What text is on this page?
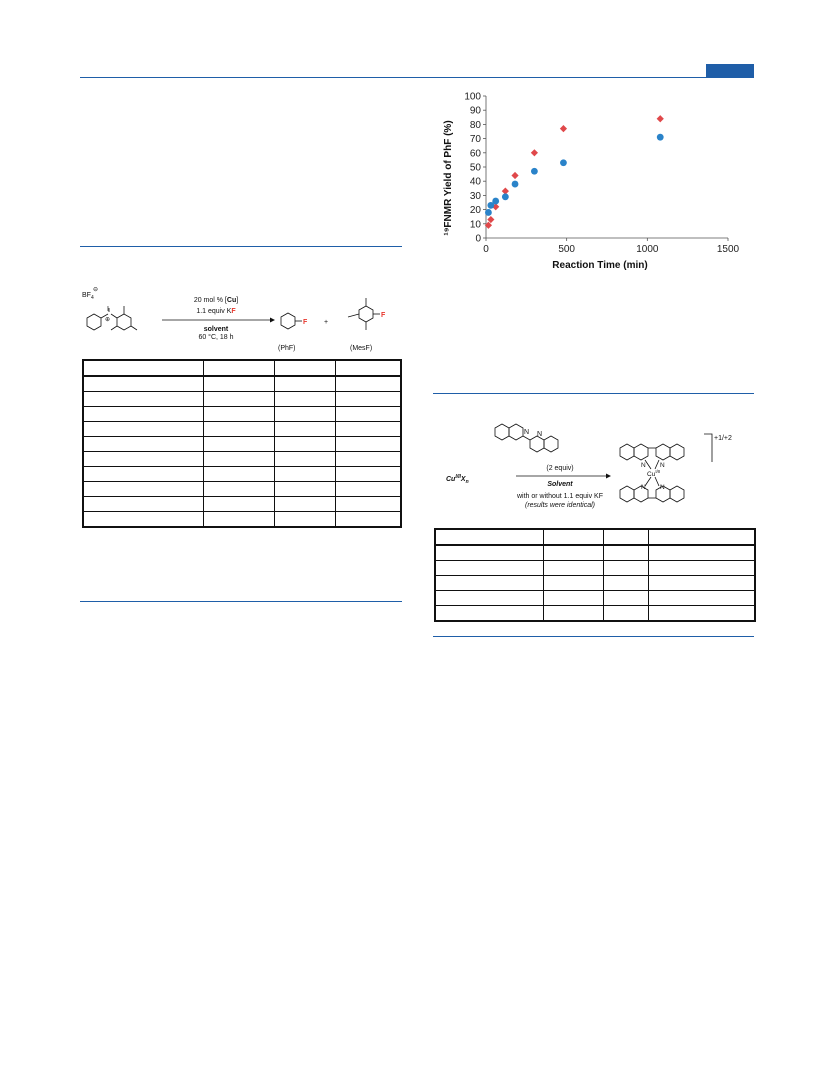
$BF_4$
⊖
I
⊕
20 mol % [Cu]
1.1 equiv KF
solvent
60 °C, 18 h
F +
F
(PhF)	(MesF)

0
10
20
30
40
50
60
70
80
90
100
0	500	1000	1500
Reaction Time (min)
¹⁹FNMR Yield of PhF (%)
N N
$Cu^{I/II}X_n$
(2 equiv)
Solvent
with or without 1.1 equiv KF
(results were identical)
+1/+2
$Cu^{I/II}$
N N
N N
